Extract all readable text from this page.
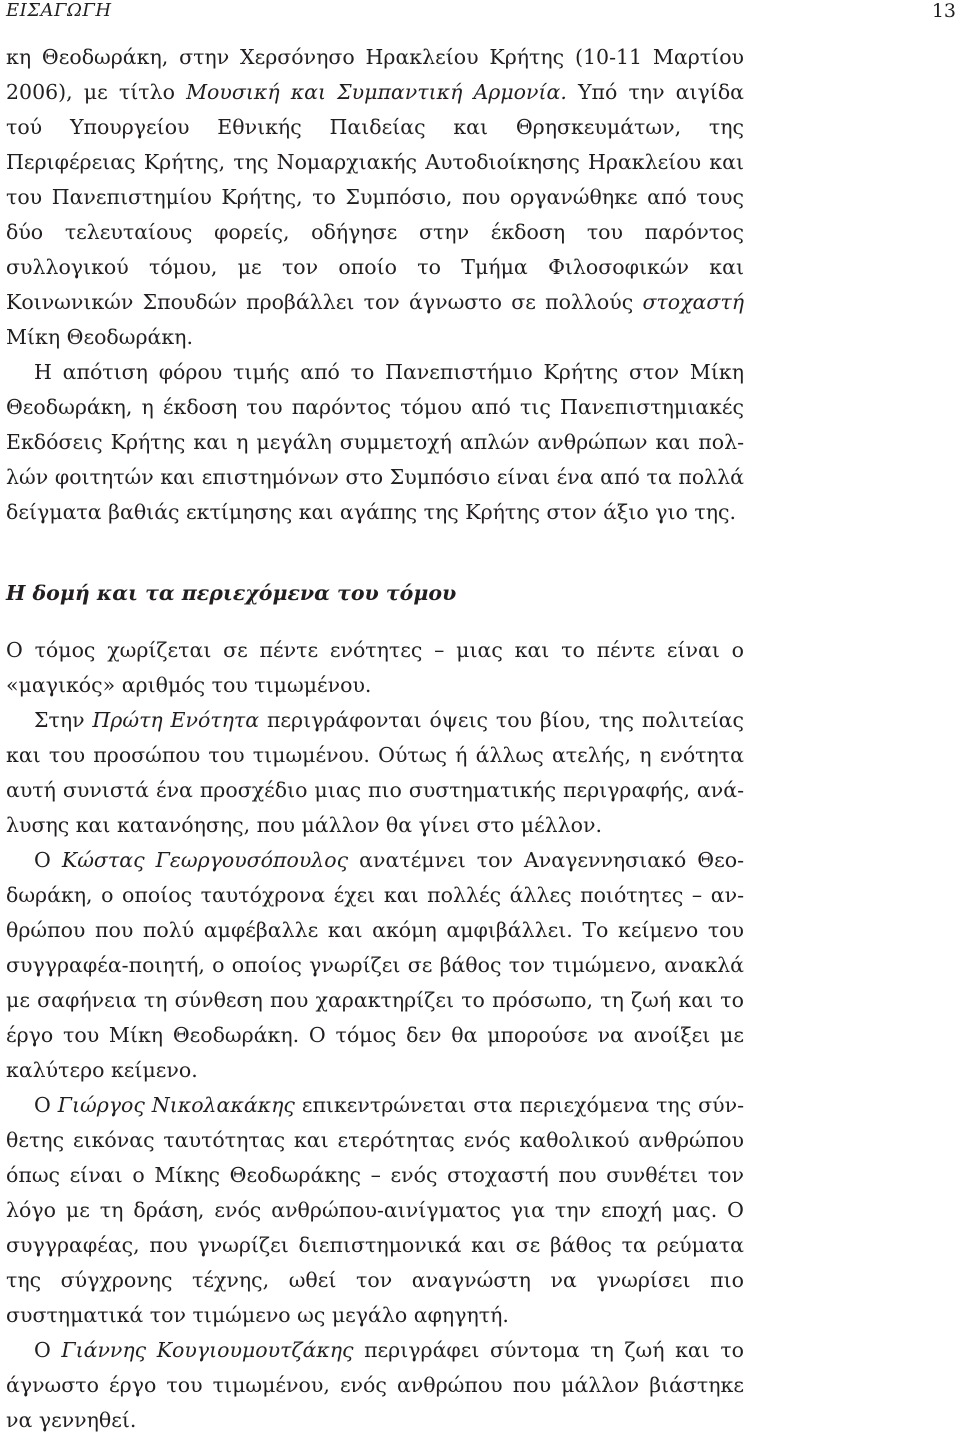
ΕΙΣΑΓΩΓΗ	13

κη Θεοδωράκη, στην Χερσόνησο Ηρακλείου Κρήτης (10-11 Μαρτίου 2006), με τίτλο Μουσική και Συμπαντική Αρμονία. Υπό την αιγίδα τού Υπουργείου Εθνικής Παιδείας και Θρησκευμάτων, της Περιφέρειας Κρήτης, της Νομαρχιακής Αυτοδιοίκησης Ηρακλείου και του Πανεπιστημίου Κρήτης, το Συμπόσιο, που οργανώθηκε από τους δύο τελευταίους φορείς, οδήγησε στην έκδοση του παρόντος συλλογικού τόμου, με τον οποίο το Τμήμα Φιλοσοφικών και Κοινωνικών Σπουδών προβάλλει τον άγνωστο σε πολλούς στοχαστή Μίκη Θεοδωράκη.

Η απότιση φόρου τιμής από το Πανεπιστήμιο Κρήτης στον Μίκη Θεοδωράκη, η έκδοση του παρόντος τόμου από τις Πανεπιστημιακές Εκδόσεις Κρήτης και η μεγάλη συμμετοχή απλών ανθρώπων και πολλών φοιτητών και επιστημόνων στο Συμπόσιο είναι ένα από τα πολλά δείγματα βαθιάς εκτίμησης και αγάπης της Κρήτης στον άξιο γιο της.

Η δομή και τα περιεχόμενα του τόμου

Ο τόμος χωρίζεται σε πέντε ενότητες – μιας και το πέντε είναι ο «μαγικός» αριθμός του τιμωμένου.

Στην Πρώτη Ενότητα περιγράφονται όψεις του βίου, της πολιτείας και του προσώπου του τιμωμένου. Ούτως ή άλλως ατελής, η ενότητα αυτή συνιστά ένα προσχέδιο μιας πιο συστηματικής περιγραφής, ανάλυσης και κατανόησης, που μάλλον θα γίνει στο μέλλον.

Ο Κώστας Γεωργουσόπουλος ανατέμνει τον Αναγεννησιακό Θεοδωράκη, ο οποίος ταυτόχρονα έχει και πολλές άλλες ποιότητες – ανθρώπου που πολύ αμφέβαλλε και ακόμη αμφιβάλλει. Το κείμενο του συγγραφέα-ποιητή, ο οποίος γνωρίζει σε βάθος τον τιμώμενο, ανακλά με σαφήνεια τη σύνθεση που χαρακτηρίζει το πρόσωπο, τη ζωή και το έργο του Μίκη Θεοδωράκη. Ο τόμος δεν θα μπορούσε να ανοίξει με καλύτερο κείμενο.

Ο Γιώργος Νικολακάκης επικεντρώνεται στα περιεχόμενα της σύνθετης εικόνας ταυτότητας και ετερότητας ενός καθολικού ανθρώπου όπως είναι ο Μίκης Θεοδωράκης – ενός στοχαστή που συνθέτει τον λόγο με τη δράση, ενός ανθρώπου-αινίγματος για την εποχή μας. Ο συγγραφέας, που γνωρίζει διεπιστημονικά και σε βάθος τα ρεύματα της σύγχρονης τέχνης, ωθεί τον αναγνώστη να γνωρίσει πιο συστηματικά τον τιμώμενο ως μεγάλο αφηγητή.

Ο Γιάννης Κουγιουμουτζάκης περιγράφει σύντομα τη ζωή και το άγνωστο έργο του τιμωμένου, ενός ανθρώπου που μάλλον βιάστηκε να γεννηθεί.
